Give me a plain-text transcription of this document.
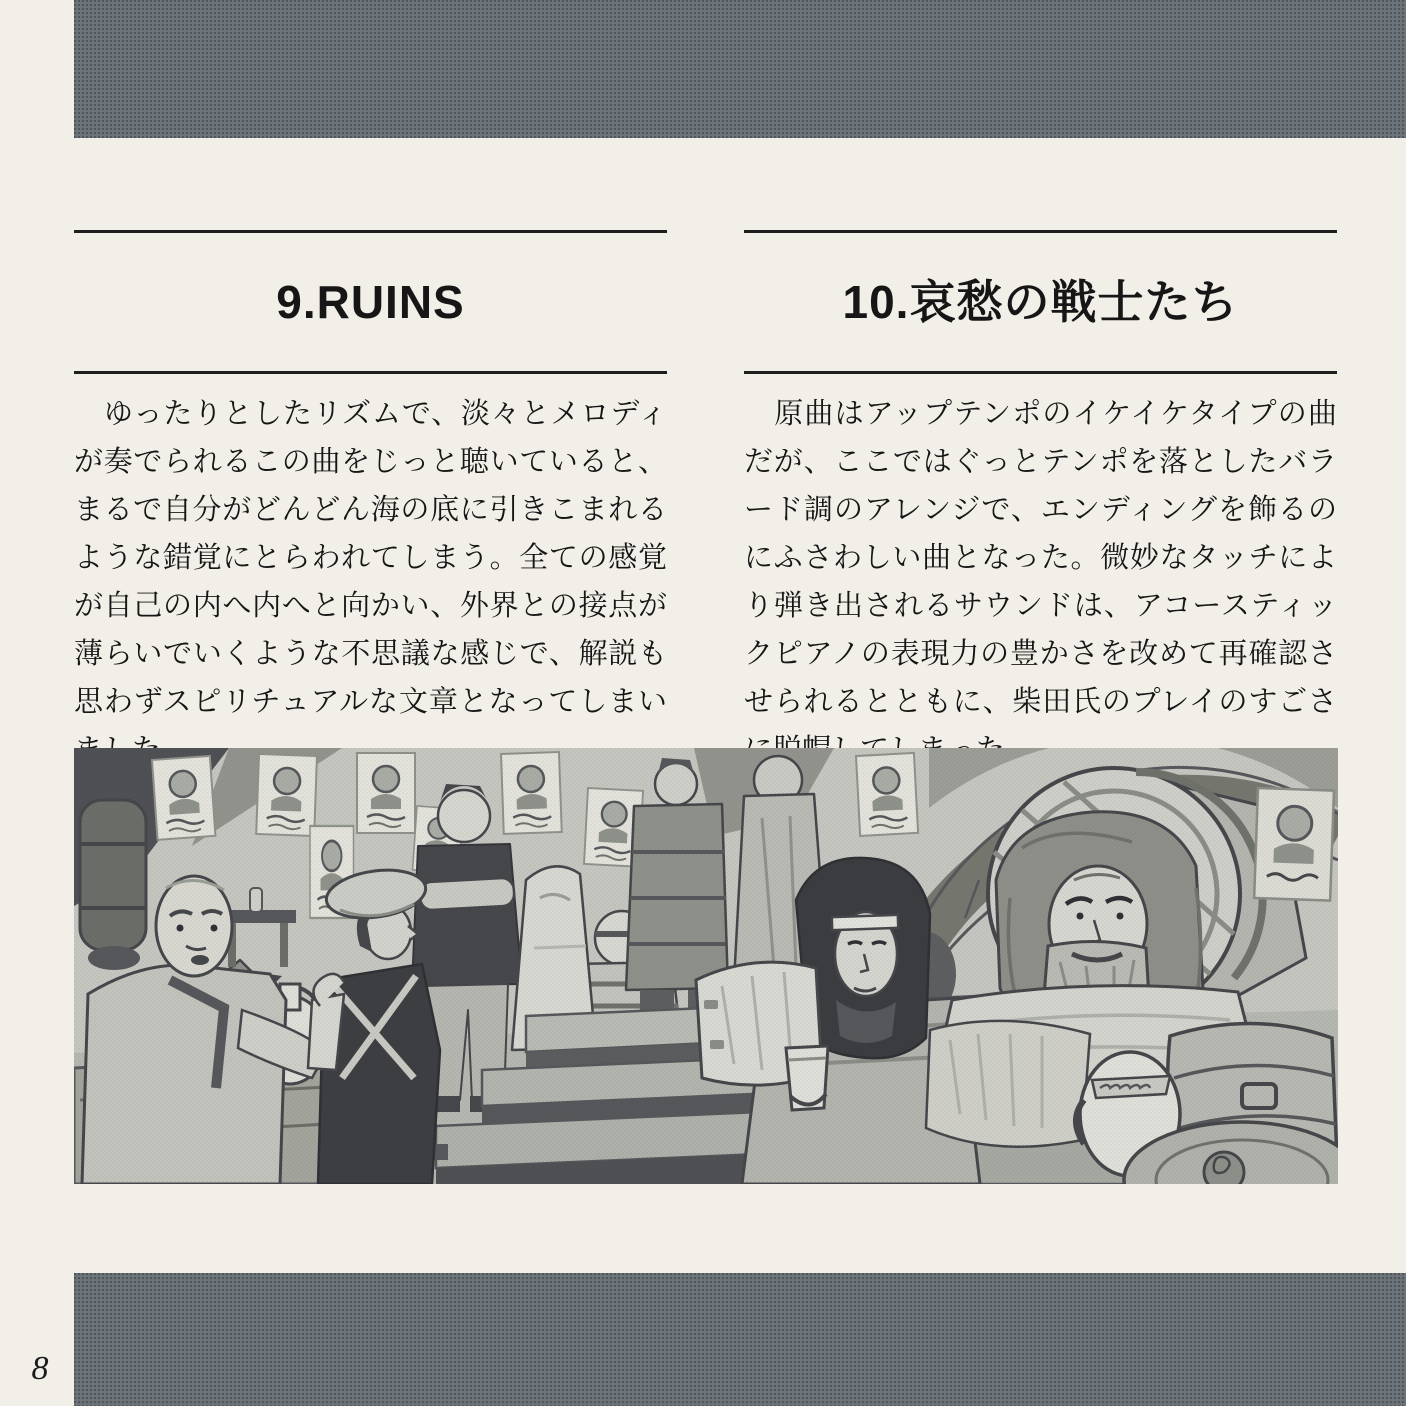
9.RUINS
　ゆったりとしたリズムで、淡々とメロディ
が奏でられるこの曲をじっと聴いていると、
まるで自分がどんどん海の底に引きこまれる
ような錯覚にとらわれてしまう。全ての感覚
が自己の内へ内へと向かい、外界との接点が
薄らいでいくような不思議な感じで、解説も
思わずスピリチュアルな文章となってしまい
10.哀愁の戦士たち
　原曲はアップテンポのイケイケタイプの曲
だが、ここではぐっとテンポを落としたバラ
ード調のアレンジで、エンディングを飾るの
にふさわしい曲となった。微妙なタッチによ
り弾き出されるサウンドは、アコースティッ
クピアノの表現力の豊かさを改めて再確認さ
せられるとともに、柴田氏のプレイのすごさ
8
